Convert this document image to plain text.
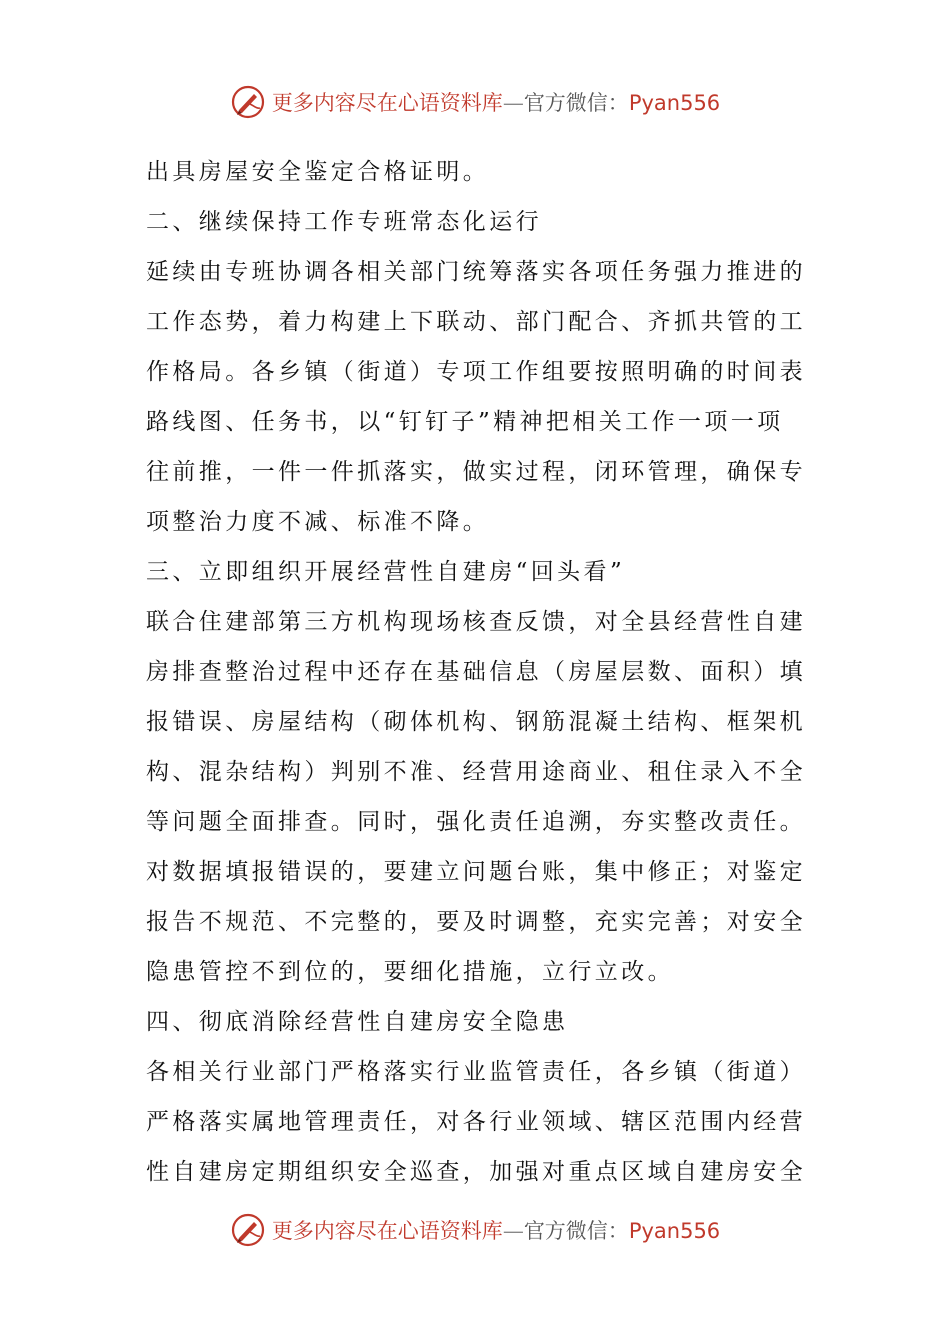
更多内容尽在心语资料库—官方微信：Pyan556
出具房屋安全鉴定合格证明。
二、继续保持工作专班常态化运行
延续由专班协调各相关部门统筹落实各项任务强力推进的
工作态势，着力构建上下联动、部门配合、齐抓共管的工
作格局。各乡镇（街道）专项工作组要按照明确的时间表
路线图、任务书，以“钉钉子”精神把相关工作一项一项
往前推，一件一件抓落实，做实过程，闭环管理，确保专
项整治力度不减、标准不降。
三、立即组织开展经营性自建房“回头看”
联合住建部第三方机构现场核查反馈，对全县经营性自建
房排查整治过程中还存在基础信息（房屋层数、面积）填
报错误、房屋结构（砌体机构、钢筋混凝土结构、框架机
构、混杂结构）判别不准、经营用途商业、租住录入不全
等问题全面排查。同时，强化责任追溯，夯实整改责任。
对数据填报错误的，要建立问题台账，集中修正；对鉴定
报告不规范、不完整的，要及时调整，充实完善；对安全
隐患管控不到位的，要细化措施，立行立改。
四、彻底消除经营性自建房安全隐患
各相关行业部门严格落实行业监管责任，各乡镇（街道）
严格落实属地管理责任，对各行业领域、辖区范围内经营
性自建房定期组织安全巡查，加强对重点区域自建房安全
更多内容尽在心语资料库—官方微信：Pyan556
